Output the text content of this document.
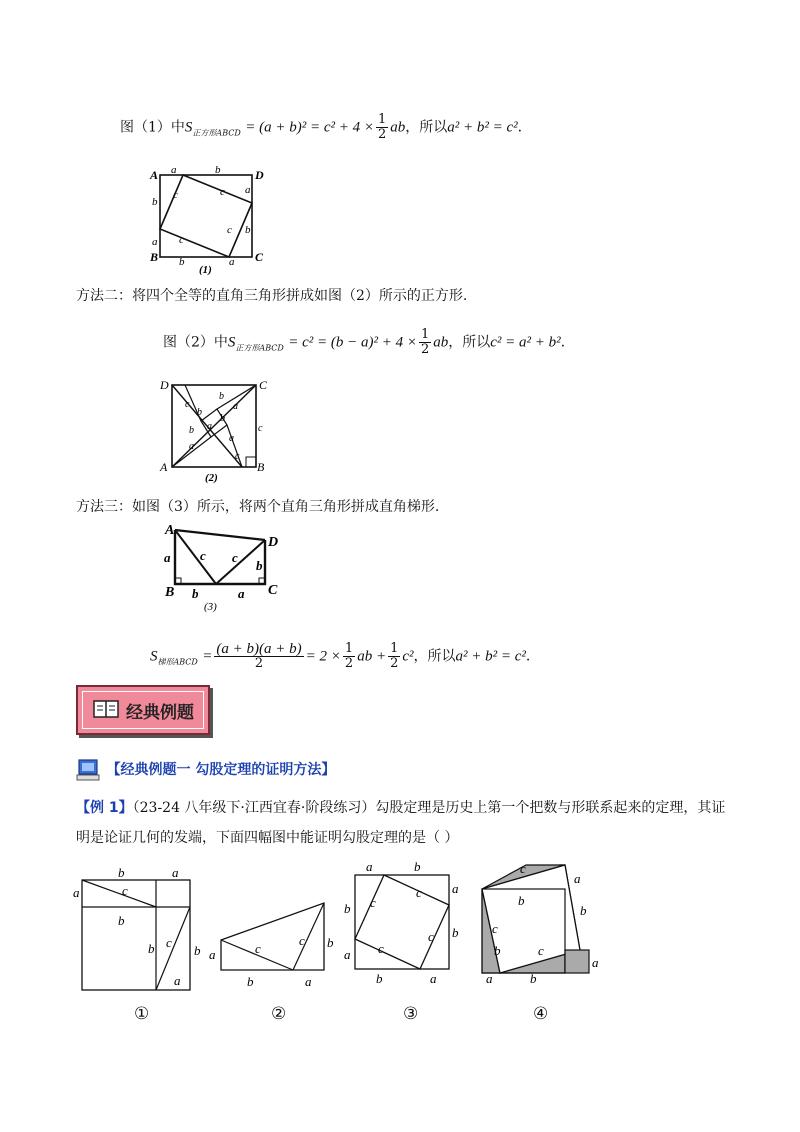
图（1）中$S_{正方形ABCD} = (a + b)^2 = c^2 + 4 \times \frac{1}{2}$ ab，所以a² + b² = c².
A
B	C
D
a	b
a
b
b
a
b	a
c	c
c
c
(1)
方法二：将四个全等的直角三角形拼成如图（2）所示的正方形.
图（2）中$S_{正方形ABCD} = c^2 = (b - a)^2 + 4 \times \frac{1}{2}$ ab，所以c² = a² + b².
D	C
A	B
c
b
b
a
b
c
b a
a
a
c
(2)
方法三：如图（3）所示，将两个直角三角形拼成直角梯形.
A
B	C
D
a c c
b
b	a
(3)
$S_{梯形ABCD} = \frac{(a + b)(a + b)}{2} = 2 \times \frac{1}{2}$ ab + $\frac{1}{2} c^2$，所以a² + b² = c².
经典例题
【经典例题一 勾股定理的证明方法】
【例 1】（23-24 八年级下·江西宜春·阶段练习）勾股定理是历史上第一个把数与形联系起来的定理，其证
明是论证几何的发端，下面四幅图中能证明勾股定理的是（ ）
a
b	a
c
b
b c
b
a
①
a	c
c b
b	a
②
a	b
a
b
b
a
b	a
c
c
c
c
③
c
a
b
b
c
b	c
a
a	b
④
